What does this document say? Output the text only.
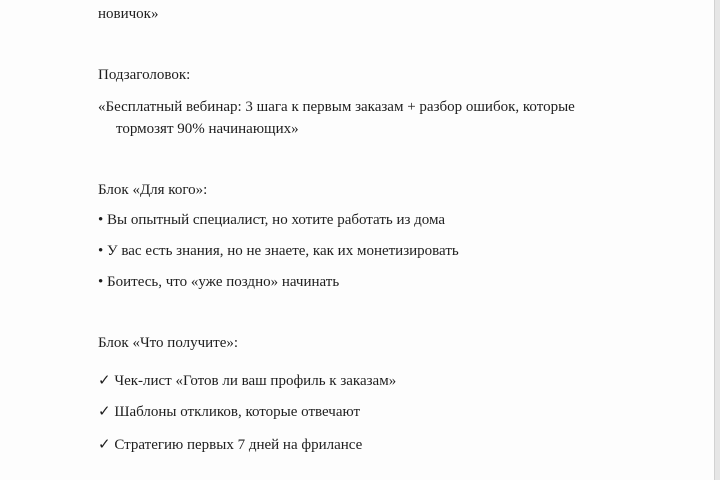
новичок»
Подзаголовок:
«Бесплатный вебинар: 3 шага к первым заказам + разбор ошибок, которые
тормозят 90% начинающих»
Блок «Для кого»:
• Вы опытный специалист, но хотите работать из дома
• У вас есть знания, но не знаете, как их монетизировать
• Боитесь, что «уже поздно» начинать
Блок «Что получите»:
✓ Чек-лист «Готов ли ваш профиль к заказам»
✓ Шаблоны откликов, которые отвечают
✓ Стратегию первых 7 дней на фрилансе
